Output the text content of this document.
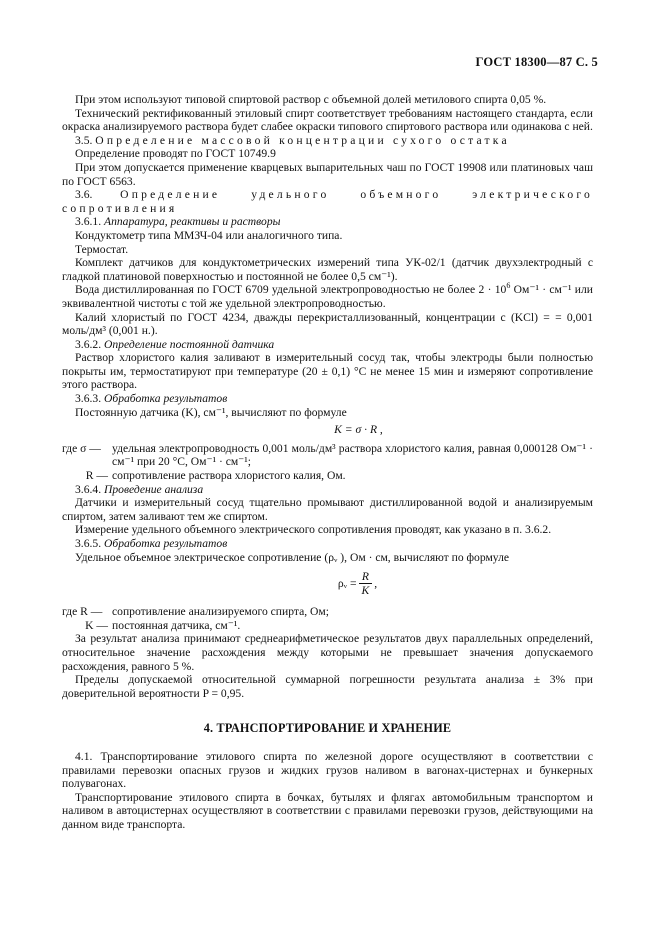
ГОСТ 18300—87 С. 5

При этом используют типовой спиртовой раствор с объемной долей метилового спирта 0,05 %.

Технический ректификованный этиловый спирт соответствует требованиям настоящего стандарта, если окраска анализируемого раствора будет слабее окраски типового спиртового раствора или одинакова с ней.

3.5. Определение массовой концентрации сухого остатка

Определение проводят по ГОСТ 10749.9

При этом допускается применение кварцевых выпарительных чаш по ГОСТ 19908 или платиновых чаш по ГОСТ 6563.

3.6. Определение удельного объемного электрического сопротивления

3.6.1. Аппаратура, реактивы и растворы

Кондуктометр типа ММЗЧ-04 или аналогичного типа.

Термостат.

Комплект датчиков для кондуктометрических измерений типа УК-02/1 (датчик двухэлектродный с гладкой платиновой поверхностью и постоянной не более 0,5 см⁻¹).

Вода дистиллированная по ГОСТ 6709 удельной электропроводностью не более $2 \cdot 10^6$ Ом⁻¹ · см⁻¹ или эквивалентной чистоты с той же удельной электропроводностью.

Калий хлористый по ГОСТ 4234, дважды перекристаллизованный, концентрации c (KCl) = = 0,001 моль/дм³ (0,001 н.).

3.6.2. Определение постоянной датчика

Раствор хлористого калия заливают в измерительный сосуд так, чтобы электроды были полностью покрыты им, термостатируют при температуре (20 ± 0,1) °С не менее 15 мин и измеряют сопротивление этого раствора.

3.6.3. Обработка результатов

Постоянную датчика (K), см⁻¹, вычисляют по формуле

K = σ · R ,
где σ — удельная электропроводность 0,001 моль/дм³ раствора хлористого калия, равная 0,000128 Ом⁻¹ · см⁻¹ при 20 °С, Ом⁻¹ · см⁻¹;
R — сопротивление раствора хлористого калия, Ом.

3.6.4. Проведение анализа

Датчики и измерительный сосуд тщательно промывают дистиллированной водой и анализируемым спиртом, затем заливают тем же спиртом.

Измерение удельного объемного электрического сопротивления проводят, как указано в п. 3.6.2.

3.6.5. Обработка результатов

Удельное объемное электрическое сопротивление (ρᵥ ), Ом · см, вычисляют по формуле

ρᵥ = $\frac{R}{K}$ ,
где R — сопротивление анализируемого спирта, Ом;
K — постоянная датчика, см⁻¹.

За результат анализа принимают среднеарифметическое результатов двух параллельных определений, относительное значение расхождения между которыми не превышает значения допускаемого расхождения, равного 5 %.

Пределы допускаемой относительной суммарной погрешности результата анализа ± 3% при доверительной вероятности P = 0,95.

4. ТРАНСПОРТИРОВАНИЕ И ХРАНЕНИЕ

4.1. Транспортирование этилового спирта по железной дороге осуществляют в соответствии с правилами перевозки опасных грузов и жидких грузов наливом в вагонах-цистернах и бункерных полувагонах.

Транспортирование этилового спирта в бочках, бутылях и флягах автомобильным транспортом и наливом в автоцистернах осуществляют в соответствии с правилами перевозки грузов, действующими на данном виде транспорта.
